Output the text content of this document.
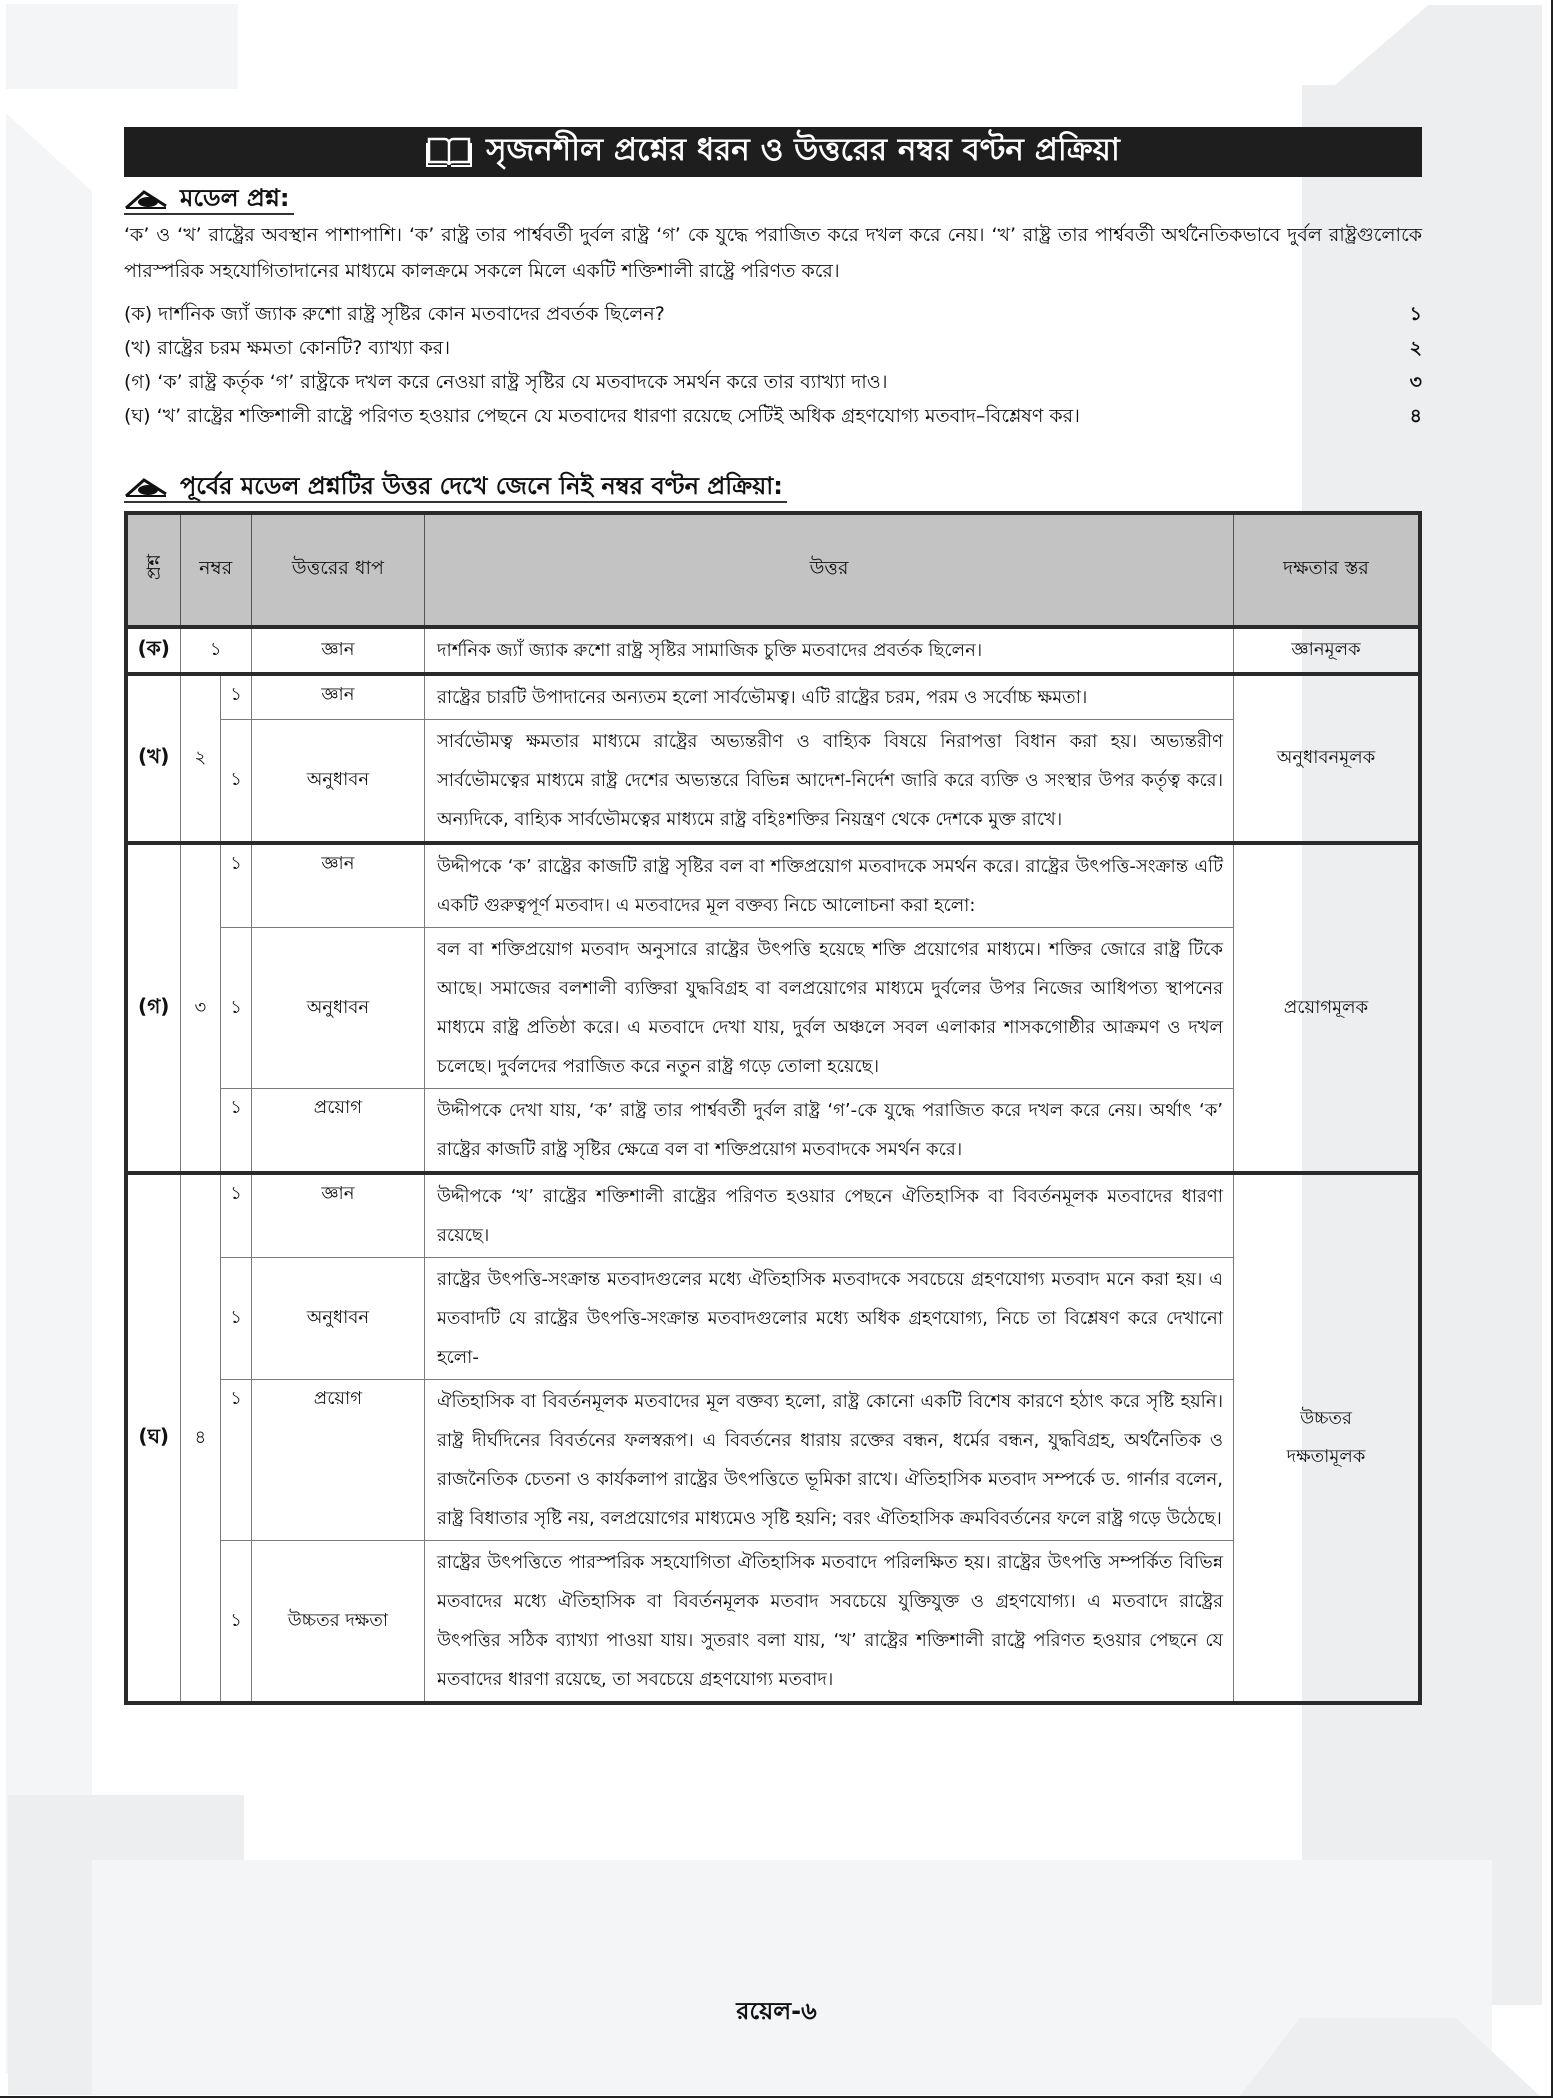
সৃজনশীল প্রশ্নের ধরন ও উত্তরের নম্বর বণ্টন প্রক্রিয়া
মডেল প্রশ্ন:
‘ক’ ও ‘খ’ রাষ্ট্রের অবস্থান পাশাপাশি। ‘ক’ রাষ্ট্র তার পার্শ্ববর্তী দুর্বল রাষ্ট্র ‘গ’ কে যুদ্ধে পরাজিত করে দখল করে নেয়। ‘খ’ রাষ্ট্র তার পার্শ্ববর্তী অর্থনৈতিকভাবে দুর্বল রাষ্ট্রগুলোকে পারস্পরিক সহযোগিতাদানের মাধ্যমে কালক্রমে সকলে মিলে একটি শক্তিশালী রাষ্ট্রে পরিণত করে।
(ক) দার্শনিক জ্যাঁ জ্যাক রুশো রাষ্ট্র সৃষ্টির কোন মতবাদের প্রবর্তক ছিলেন?	১
(খ) রাষ্ট্রের চরম ক্ষমতা কোনটি? ব্যাখ্যা কর।	২
(গ) ‘ক’ রাষ্ট্র কর্তৃক ‘গ’ রাষ্ট্রকে দখল করে নেওয়া রাষ্ট্র সৃষ্টির যে মতবাদকে সমর্থন করে তার ব্যাখ্যা দাও।	৩
(ঘ) ‘খ’ রাষ্ট্রের শক্তিশালী রাষ্ট্রে পরিণত হওয়ার পেছনে যে মতবাদের ধারণা রয়েছে সেটিই অধিক গ্রহণযোগ্য মতবাদ–বিশ্লেষণ কর।	৪
পূর্বের মডেল প্রশ্নটির উত্তর দেখে জেনে নিই নম্বর বণ্টন প্রক্রিয়া:
প্রশ্ন	নম্বর		উত্তরের ধাপ	উত্তর	দক্ষতার স্তর
(ক)	১		জ্ঞান	দার্শনিক জ্যাঁ জ্যাক রুশো রাষ্ট্র সৃষ্টির সামাজিক চুক্তি মতবাদের প্রবর্তক ছিলেন।	জ্ঞানমূলক
(খ)	২	১	জ্ঞান	রাষ্ট্রের চারটি উপাদানের অন্যতম হলো সার্বভৌমত্ব। এটি রাষ্ট্রের চরম, পরম ও সর্বোচ্চ ক্ষমতা।	অনুধাবনমূলক
		১	অনুধাবন	সার্বভৌমত্ব ক্ষমতার মাধ্যমে রাষ্ট্রের অভ্যন্তরীণ ও বাহ্যিক বিষয়ে নিরাপত্তা বিধান করা হয়। অভ্যন্তরীণ সার্বভৌমত্বের মাধ্যমে রাষ্ট্র দেশের অভ্যন্তরে বিভিন্ন আদেশ-নির্দেশ জারি করে ব্যক্তি ও সংস্থার উপর কর্তৃত্ব করে। অন্যদিকে, বাহ্যিক সার্বভৌমত্বের মাধ্যমে রাষ্ট্র বহিঃশক্তির নিয়ন্ত্রণ থেকে দেশকে মুক্ত রাখে।	
(গ)	৩	১	জ্ঞান	উদ্দীপকে ‘ক’ রাষ্ট্রের কাজটি রাষ্ট্র সৃষ্টির বল বা শক্তিপ্রয়োগ মতবাদকে সমর্থন করে। রাষ্ট্রের উৎপত্তি-সংক্রান্ত এটি একটি গুরুত্বপূর্ণ মতবাদ। এ মতবাদের মূল বক্তব্য নিচে আলোচনা করা হলো:	প্রয়োগমূলক
		১	অনুধাবন	বল বা শক্তিপ্রয়োগ মতবাদ অনুসারে রাষ্ট্রের উৎপত্তি হয়েছে শক্তি প্রয়োগের মাধ্যমে। শক্তির জোরে রাষ্ট্র টিকে আছে। সমাজের বলশালী ব্যক্তিরা যুদ্ধবিগ্রহ বা বলপ্রয়োগের মাধ্যমে দুর্বলের উপর নিজের আধিপত্য স্থাপনের মাধ্যমে রাষ্ট্র প্রতিষ্ঠা করে। এ মতবাদে দেখা যায়, দুর্বল অঞ্চলে সবল এলাকার শাসকগোষ্ঠীর আক্রমণ ও দখল চলেছে। দুর্বলদের পরাজিত করে নতুন রাষ্ট্র গড়ে তোলা হয়েছে।	
		১	প্রয়োগ	উদ্দীপকে দেখা যায়, ‘ক’ রাষ্ট্র তার পার্শ্ববর্তী দুর্বল রাষ্ট্র ‘গ’-কে যুদ্ধে পরাজিত করে দখল করে নেয়। অর্থাৎ ‘ক’ রাষ্ট্রের কাজটি রাষ্ট্র সৃষ্টির ক্ষেত্রে বল বা শক্তিপ্রয়োগ মতবাদকে সমর্থন করে।	
(ঘ)	৪	১	জ্ঞান	উদ্দীপকে ‘খ’ রাষ্ট্রের শক্তিশালী রাষ্ট্রের পরিণত হওয়ার পেছনে ঐতিহাসিক বা বিবর্তনমূলক মতবাদের ধারণা রয়েছে।	উচ্চতর দক্ষতামূলক
		১	অনুধাবন	রাষ্ট্রের উৎপত্তি-সংক্রান্ত মতবাদগুলের মধ্যে ঐতিহাসিক মতবাদকে সবচেয়ে গ্রহণযোগ্য মতবাদ মনে করা হয়। এ মতবাদটি যে রাষ্ট্রের উৎপত্তি-সংক্রান্ত মতবাদগুলোর মধ্যে অধিক গ্রহণযোগ্য, নিচে তা বিশ্লেষণ করে দেখানো হলো-	
		১	প্রয়োগ	ঐতিহাসিক বা বিবর্তনমূলক মতবাদের মূল বক্তব্য হলো, রাষ্ট্র কোনো একটি বিশেষ কারণে হঠাৎ করে সৃষ্টি হয়নি। রাষ্ট্র দীর্ঘদিনের বিবর্তনের ফলস্বরূপ। এ বিবর্তনের ধারায় রক্তের বন্ধন, ধর্মের বন্ধন, যুদ্ধবিগ্রহ, অর্থনৈতিক ও রাজনৈতিক চেতনা ও কার্যকলাপ রাষ্ট্রের উৎপত্তিতে ভূমিকা রাখে। ঐতিহাসিক মতবাদ সম্পর্কে ড. গার্নার বলেন, রাষ্ট্র বিধাতার সৃষ্টি নয়, বলপ্রয়োগের মাধ্যমেও সৃষ্টি হয়নি; বরং ঐতিহাসিক ক্রমবিবর্তনের ফলে রাষ্ট্র গড়ে উঠেছে।	
		১	উচ্চতর দক্ষতা	রাষ্ট্রের উৎপত্তিতে পারস্পরিক সহযোগিতা ঐতিহাসিক মতবাদে পরিলক্ষিত হয়। রাষ্ট্রের উৎপত্তি সম্পর্কিত বিভিন্ন মতবাদের মধ্যে ঐতিহাসিক বা বিবর্তনমূলক মতবাদ সবচেয়ে যুক্তিযুক্ত ও গ্রহণযোগ্য। এ মতবাদে রাষ্ট্রের উৎপত্তির সঠিক ব্যাখ্যা পাওয়া যায়। সুতরাং বলা যায়, ‘খ’ রাষ্ট্রের শক্তিশালী রাষ্ট্রে পরিণত হওয়ার পেছনে যে মতবাদের ধারণা রয়েছে, তা সবচেয়ে গ্রহণযোগ্য মতবাদ।	
রয়েল-৬
